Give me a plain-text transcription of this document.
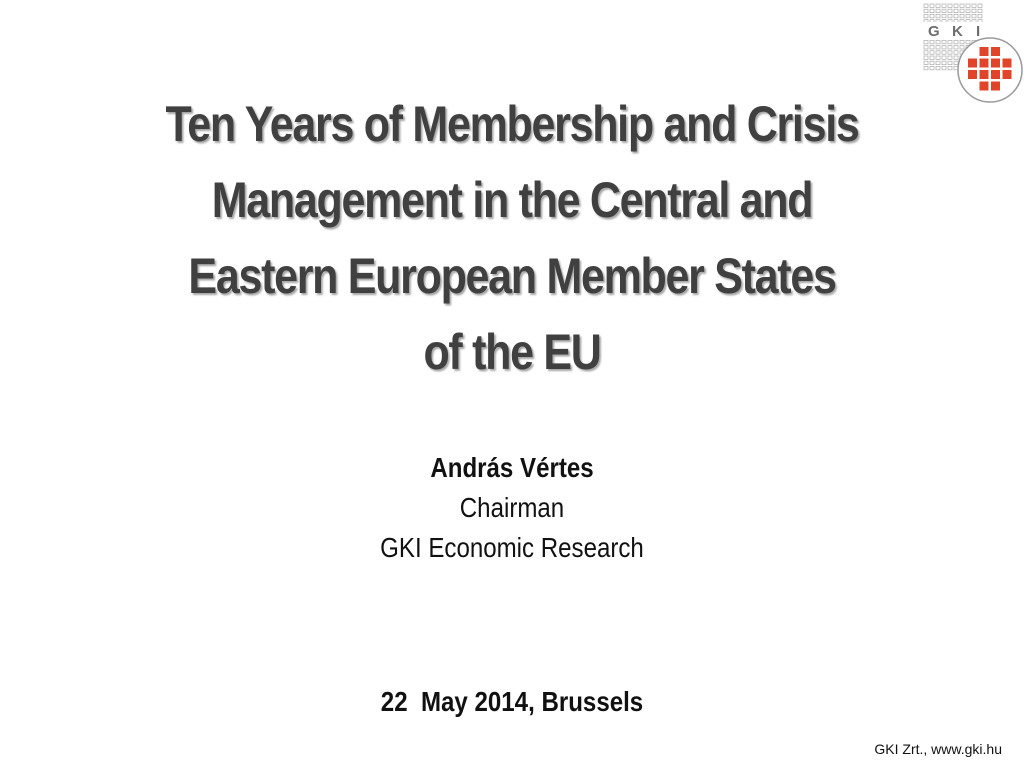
G K I
Ten Years of Membership and Crisis
Management in the Central and
Eastern European Member States
of the EU
András Vértes
Chairman
GKI Economic Research
22  May 2014, Brussels
GKI Zrt., www.gki.hu
